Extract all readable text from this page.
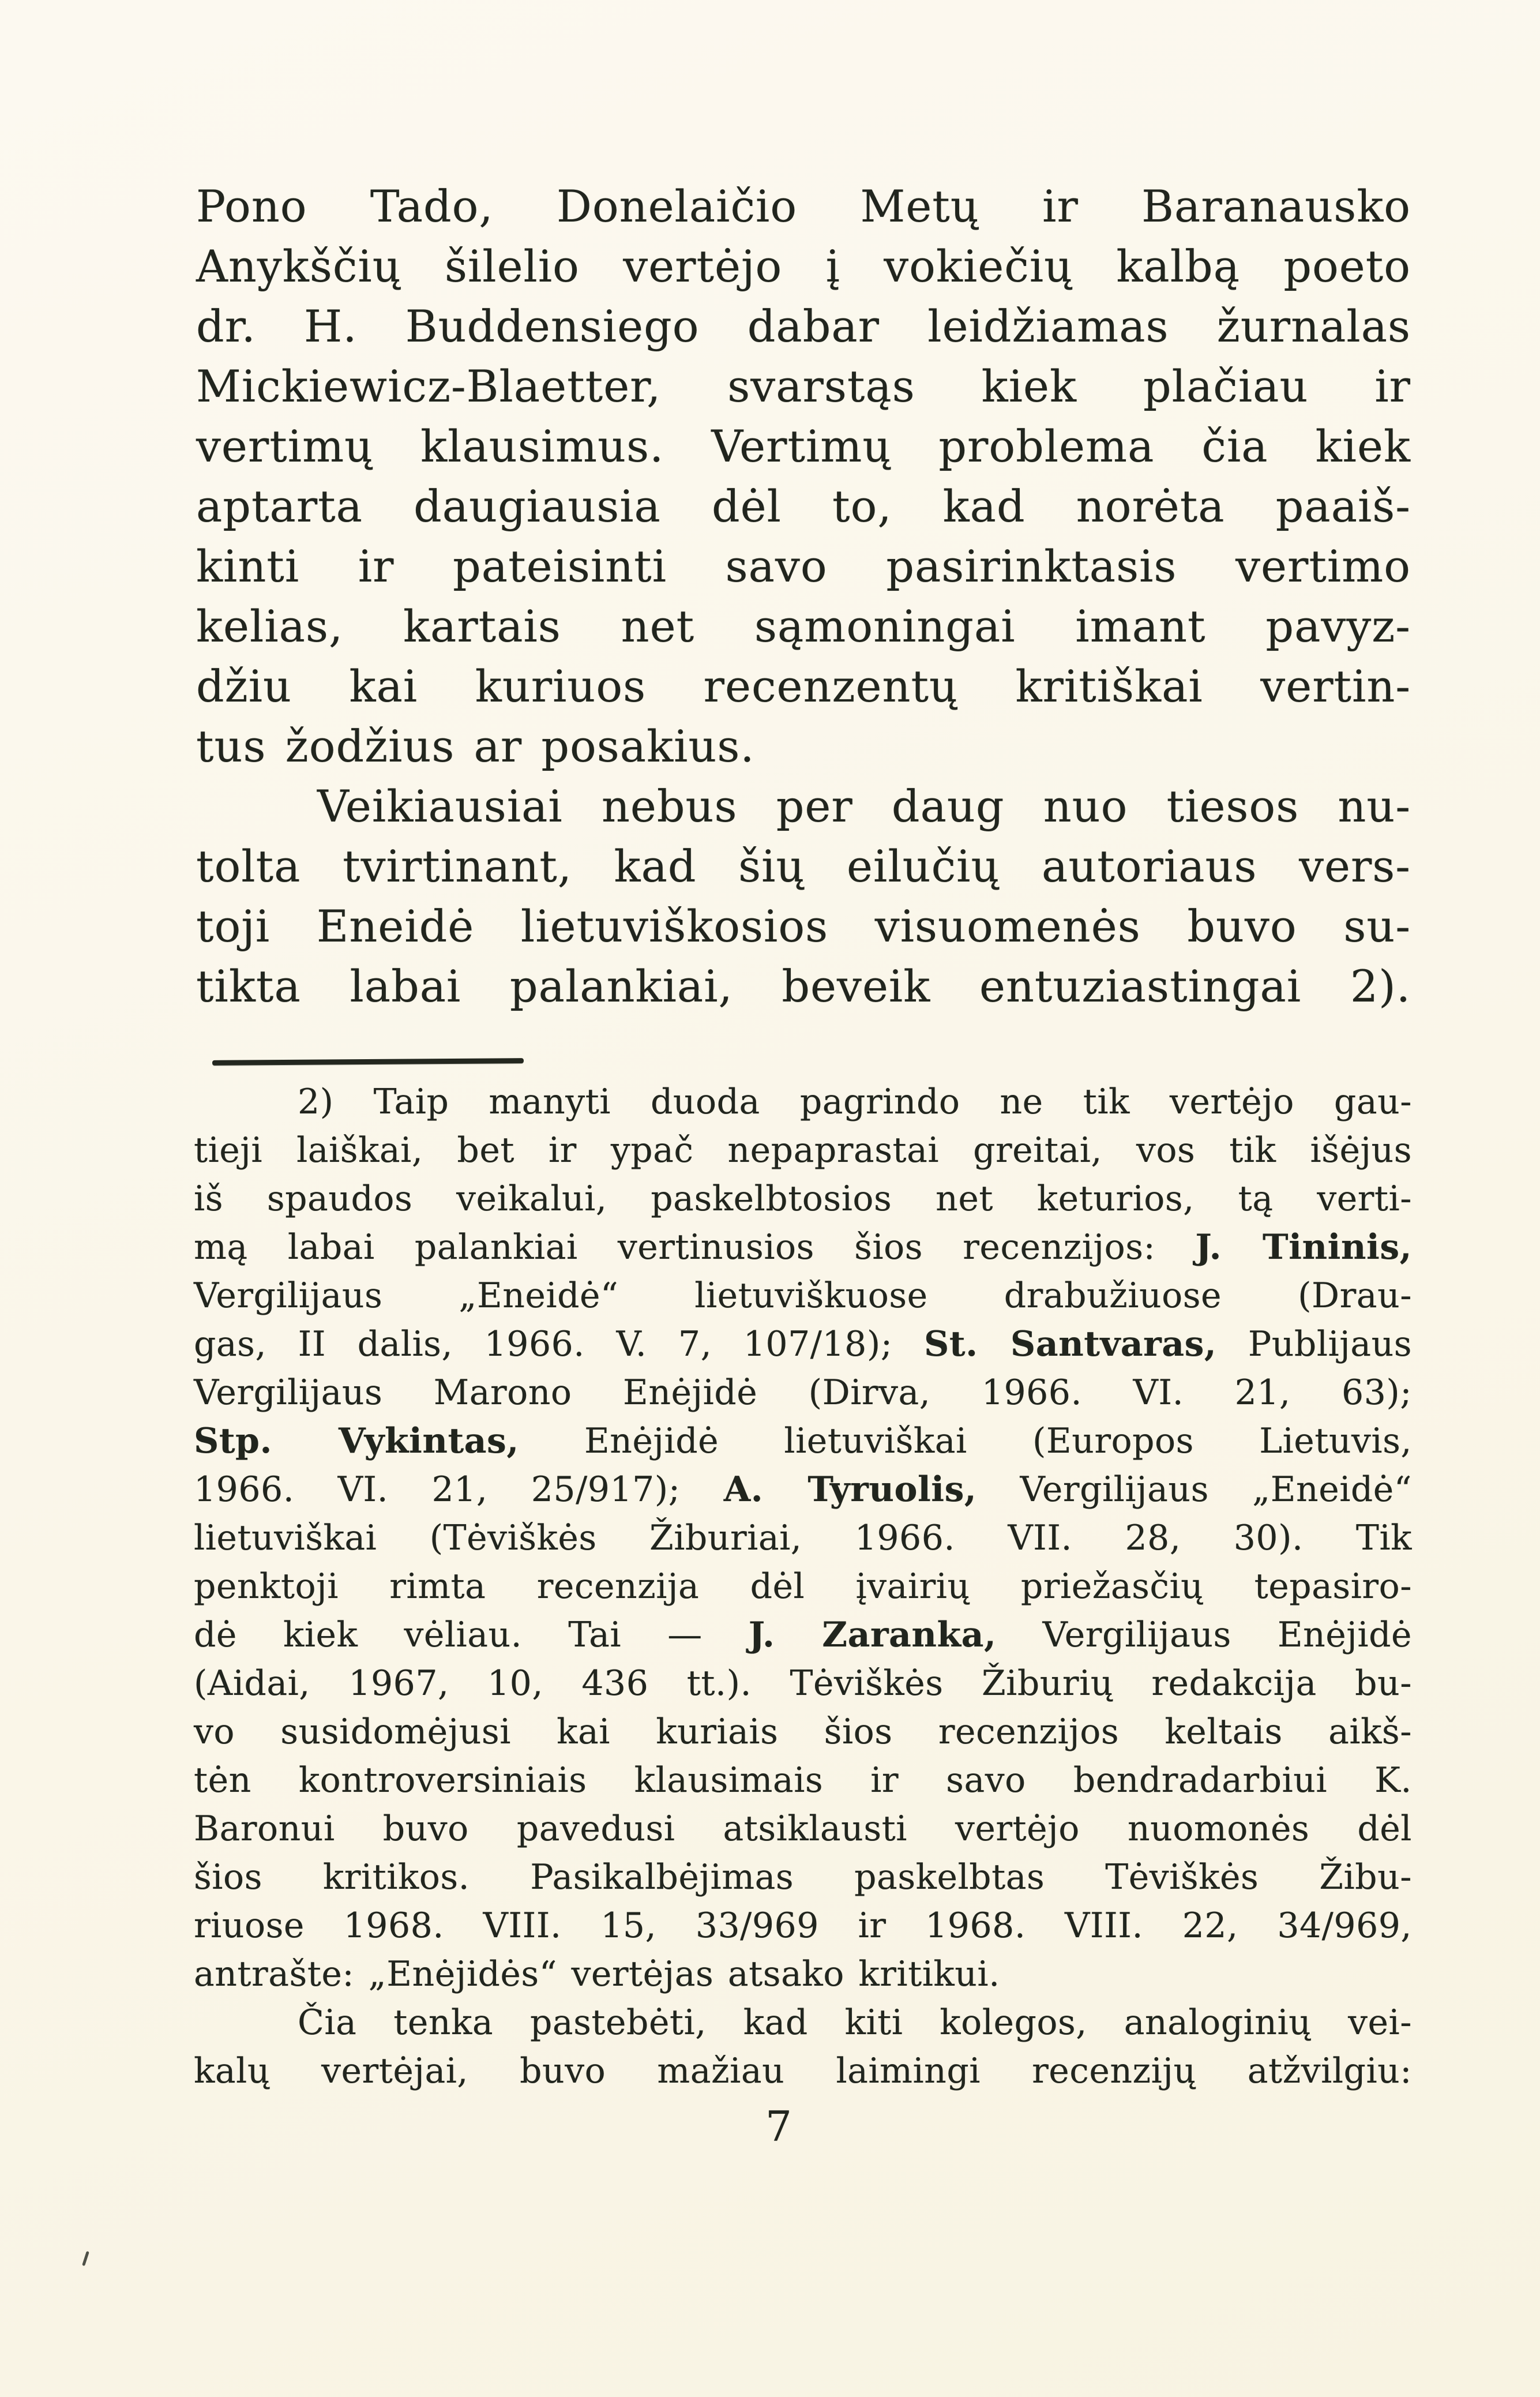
Pono Tado, Donelaičio Metų ir Baranausko
Anykščių šilelio vertėjo į vokiečių kalbą poeto
dr. H. Buddensiego dabar leidžiamas žurnalas
Mickiewicz-Blaetter, svarstąs kiek plačiau ir
vertimų klausimus. Vertimų problema čia kiek
aptarta daugiausia dėl to, kad norėta paaiš-
kinti ir pateisinti savo pasirinktasis vertimo
kelias, kartais net sąmoningai imant pavyz-
džiu kai kuriuos recenzentų kritiškai vertin-
tus žodžius ar posakius.
Veikiausiai nebus per daug nuo tiesos nu-
tolta tvirtinant, kad šių eilučių autoriaus vers-
toji Eneidė lietuviškosios visuomenės buvo su-
tikta labai palankiai, beveik entuziastingai 2).
2) Taip manyti duoda pagrindo ne tik vertėjo gau-
tieji laiškai, bet ir ypač nepaprastai greitai, vos tik išėjus
iš spaudos veikalui, paskelbtosios net keturios, tą verti-
mą labai palankiai vertinusios šios recenzijos: J. Tininis,
Vergilijaus „Eneidė“ lietuviškuose drabužiuose (Drau-
gas, II dalis, 1966. V. 7, 107/18); St. Santvaras, Publijaus
Vergilijaus Marono Enėjidė (Dirva, 1966. VI. 21, 63);
Stp. Vykintas, Enėjidė lietuviškai (Europos Lietuvis,
1966. VI. 21, 25/917); A. Tyruolis, Vergilijaus „Eneidė“
lietuviškai (Tėviškės Žiburiai, 1966. VII. 28, 30). Tik
penktoji rimta recenzija dėl įvairių priežasčių tepasiro-
dė kiek vėliau. Tai — J. Zaranka, Vergilijaus Enėjidė
(Aidai, 1967, 10, 436 tt.). Tėviškės Žiburių redakcija bu-
vo susidomėjusi kai kuriais šios recenzijos keltais aikš-
tėn kontroversiniais klausimais ir savo bendradarbiui K.
Baronui buvo pavedusi atsiklausti vertėjo nuomonės dėl
šios kritikos. Pasikalbėjimas paskelbtas Tėviškės Žibu-
riuose 1968. VIII. 15, 33/969 ir 1968. VIII. 22, 34/969,
antrašte: „Enėjidės“ vertėjas atsako kritikui.
Čia tenka pastebėti, kad kiti kolegos, analoginių vei-
kalų vertėjai, buvo mažiau laimingi recenzijų atžvilgiu:
7
